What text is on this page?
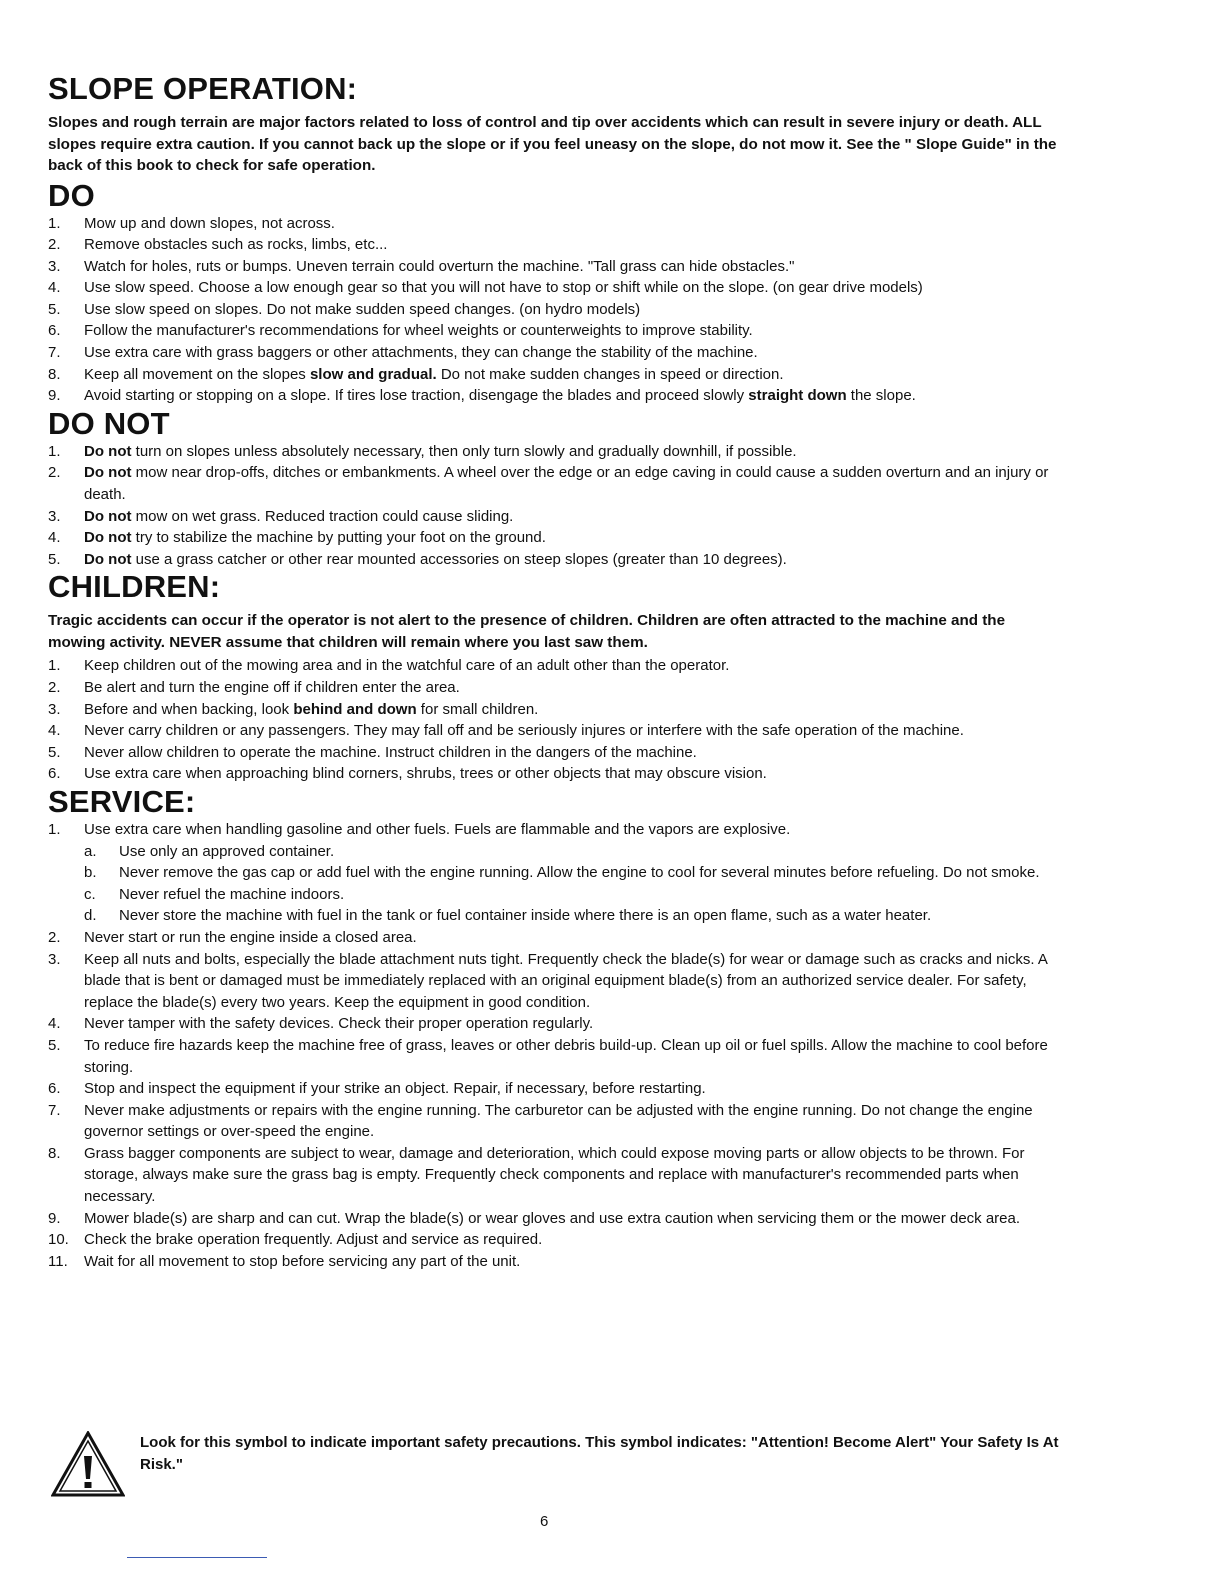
SLOPE OPERATION:

Slopes and rough terrain are major factors related to loss of control and tip over accidents which can result in severe injury or death. ALL slopes require extra caution. If you cannot back up the slope or if you feel uneasy on the slope, do not mow it. See the " Slope Guide" in the back of this book to check for safe operation.

DO
1. Mow up and down slopes, not across.
2. Remove obstacles such as rocks, limbs, etc...
3. Watch for holes, ruts or bumps. Uneven terrain could overturn the machine. "Tall grass can hide obstacles."
4. Use slow speed. Choose a low enough gear so that you will not have to stop or shift while on the slope. (on gear drive models)
5. Use slow speed on slopes. Do not make sudden speed changes. (on hydro models)
6. Follow the manufacturer's recommendations for wheel weights or counterweights to improve stability.
7. Use extra care with grass baggers or other attachments, they can change the stability of the machine.
8. Keep all movement on the slopes slow and gradual. Do not make sudden changes in speed or direction.
9. Avoid starting or stopping on a slope. If tires lose traction, disengage the blades and proceed slowly straight down the slope.
DO NOT
1. Do not turn on slopes unless absolutely necessary, then only turn slowly and gradually downhill, if possible.
2. Do not mow near drop-offs, ditches or embankments. A wheel over the edge or an edge caving in could cause a sudden overturn and an injury or death.
3. Do not mow on wet grass. Reduced traction could cause sliding.
4. Do not try to stabilize the machine by putting your foot on the ground.
5. Do not use a grass catcher or other rear mounted accessories on steep slopes (greater than 10 degrees).
CHILDREN:

Tragic accidents can occur if the operator is not alert to the presence of children. Children are often attracted to the machine and the mowing activity. NEVER assume that children will remain where you last saw them.

1. Keep children out of the mowing area and in the watchful care of an adult other than the operator.
2. Be alert and turn the engine off if children enter the area.
3. Before and when backing, look behind and down for small children.
4. Never carry children or any passengers. They may fall off and be seriously injures or interfere with the safe operation of the machine.
5. Never allow children to operate the machine. Instruct children in the dangers of the machine.
6. Use extra care when approaching blind corners, shrubs, trees or other objects that may obscure vision.
SERVICE:
1. Use extra care when handling gasoline and other fuels. Fuels are flammable and the vapors are explosive.
a. Use only an approved container.
b. Never remove the gas cap or add fuel with the engine running. Allow the engine to cool for several minutes before refueling. Do not smoke.
c. Never refuel the machine indoors.
d. Never store the machine with fuel in the tank or fuel container inside where there is an open flame, such as a water heater.
2. Never start or run the engine inside a closed area.
3. Keep all nuts and bolts, especially the blade attachment nuts tight. Frequently check the blade(s) for wear or damage such as cracks and nicks. A blade that is bent or damaged must be immediately replaced with an original equipment blade(s) from an authorized service dealer. For safety, replace the blade(s) every two years. Keep the equipment in good condition.
4. Never tamper with the safety devices. Check their proper operation regularly.
5. To reduce fire hazards keep the machine free of grass, leaves or other debris build-up. Clean up oil or fuel spills. Allow the machine to cool before storing.
6. Stop and inspect the equipment if your strike an object. Repair, if necessary, before restarting.
7. Never make adjustments or repairs with the engine running. The carburetor can be adjusted with the engine running. Do not change the engine governor settings or over-speed the engine.
8. Grass bagger components are subject to wear, damage and deterioration, which could expose moving parts or allow objects to be thrown. For storage, always make sure the grass bag is empty. Frequently check components and replace with manufacturer's recommended parts when necessary.
9. Mower blade(s) are sharp and can cut. Wrap the blade(s) or wear gloves and use extra caution when servicing them or the mower deck area.
10. Check the brake operation frequently. Adjust and service as required.
11. Wait for all movement to stop before servicing any part of the unit.
Look for this symbol to indicate important safety precautions. This symbol indicates: "Attention! Become Alert" Your Safety Is At Risk."
6
